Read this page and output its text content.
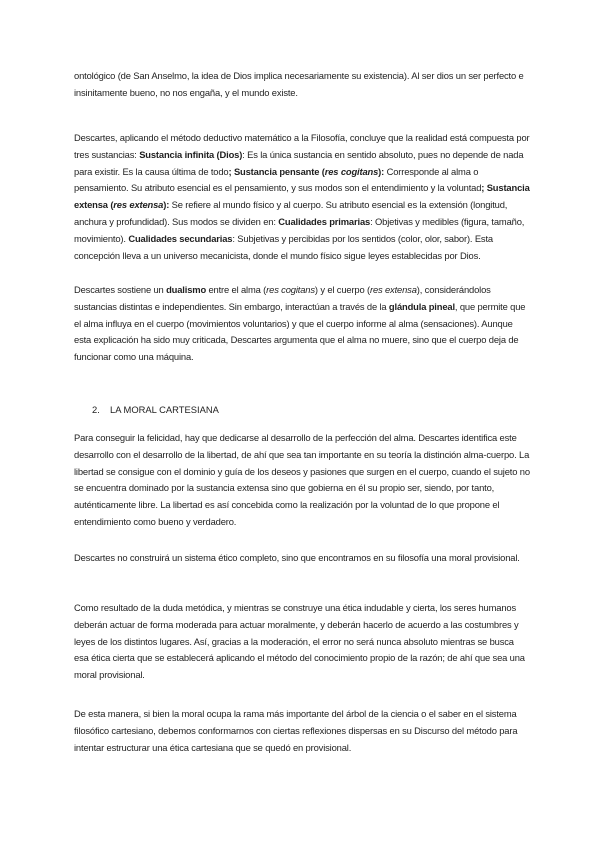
ontológico (de San Anselmo, la idea de Dios implica necesariamente su existencia). Al ser dios un ser perfecto e insinitamente bueno, no nos engaña, y el mundo existe.
Descartes, aplicando el método deductivo matemático a la Filosofía, concluye que la realidad está compuesta por tres sustancias: Sustancia infinita (Dios): Es la única sustancia en sentido absoluto, pues no depende de nada para existir. Es la causa última de todo; Sustancia pensante (res cogitans): Corresponde al alma o pensamiento. Su atributo esencial es el pensamiento, y sus modos son el entendimiento y la voluntad; Sustancia extensa (res extensa): Se refiere al mundo físico y al cuerpo. Su atributo esencial es la extensión (longitud, anchura y profundidad). Sus modos se dividen en: Cualidades primarias: Objetivas y medibles (figura, tamaño, movimiento). Cualidades secundarias: Subjetivas y percibidas por los sentidos (color, olor, sabor). Esta concepción lleva a un universo mecanicista, donde el mundo físico sigue leyes establecidas por Dios.
Descartes sostiene un dualismo entre el alma (res cogitans) y el cuerpo (res extensa), considerándolos sustancias distintas e independientes. Sin embargo, interactúan a través de la glándula pineal, que permite que el alma influya en el cuerpo (movimientos voluntarios) y que el cuerpo informe al alma (sensaciones). Aunque esta explicación ha sido muy criticada, Descartes argumenta que el alma no muere, sino que el cuerpo deja de funcionar como una máquina.
2. LA MORAL CARTESIANA
Para conseguir la felicidad, hay que dedicarse al desarrollo de la perfección del alma. Descartes identifica este desarrollo con el desarrollo de la libertad, de ahí que sea tan importante en su teoría la distinción alma-cuerpo. La libertad se consigue con el dominio y guía de los deseos y pasiones que surgen en el cuerpo, cuando el sujeto no se encuentra dominado por la sustancia extensa sino que gobierna en él su propio ser, siendo, por tanto, auténticamente libre. La libertad es así concebida como la realización por la voluntad de lo que propone el entendimiento como bueno y verdadero.
Descartes no construirá un sistema ético completo, sino que encontramos en su filosofía una moral provisional.
Como resultado de la duda metódica, y mientras se construye una ética indudable y cierta, los seres humanos deberán actuar de forma moderada para actuar moralmente, y deberán hacerlo de acuerdo a las costumbres y leyes de los distintos lugares. Así, gracias a la moderación, el error no será nunca absoluto mientras se busca esa ética cierta que se establecerá aplicando el método del conocimiento propio de la razón; de ahí que sea una moral provisional.
De esta manera, si bien la moral ocupa la rama más importante del árbol de la ciencia o el saber en el sistema filosófico cartesiano, debemos conformarnos con ciertas reflexiones dispersas en su Discurso del método para intentar estructurar una ética cartesiana que se quedó en provisional.
